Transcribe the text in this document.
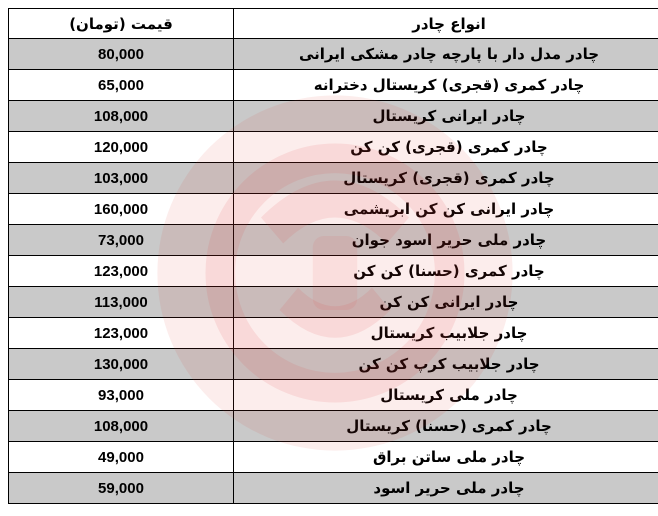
انواع چادر	قیمت (تومان)
چادر مدل دار با پارچه چادر مشکی ایرانی	80,000
چادر کمری (قجری) کریستال دخترانه	65,000
چادر ایرانی کریستال	108,000
چادر کمری (قجری) کن کن	120,000
چادر کمری (قجری) کریستال	103,000
چادر ایرانی کن کن ابریشمی	160,000
چادر ملی حریر اسود جوان	73,000
چادر کمری (حسنا) کن کن	123,000
چادر ایرانی کن کن	113,000
چادر جلابیب کریستال	123,000
چادر جلابیب کرپ کن کن	130,000
چادر ملی کریستال	93,000
چادر کمری (حسنا) کریستال	108,000
چادر ملی ساتن براق	49,000
چادر ملی حریر اسود	59,000
